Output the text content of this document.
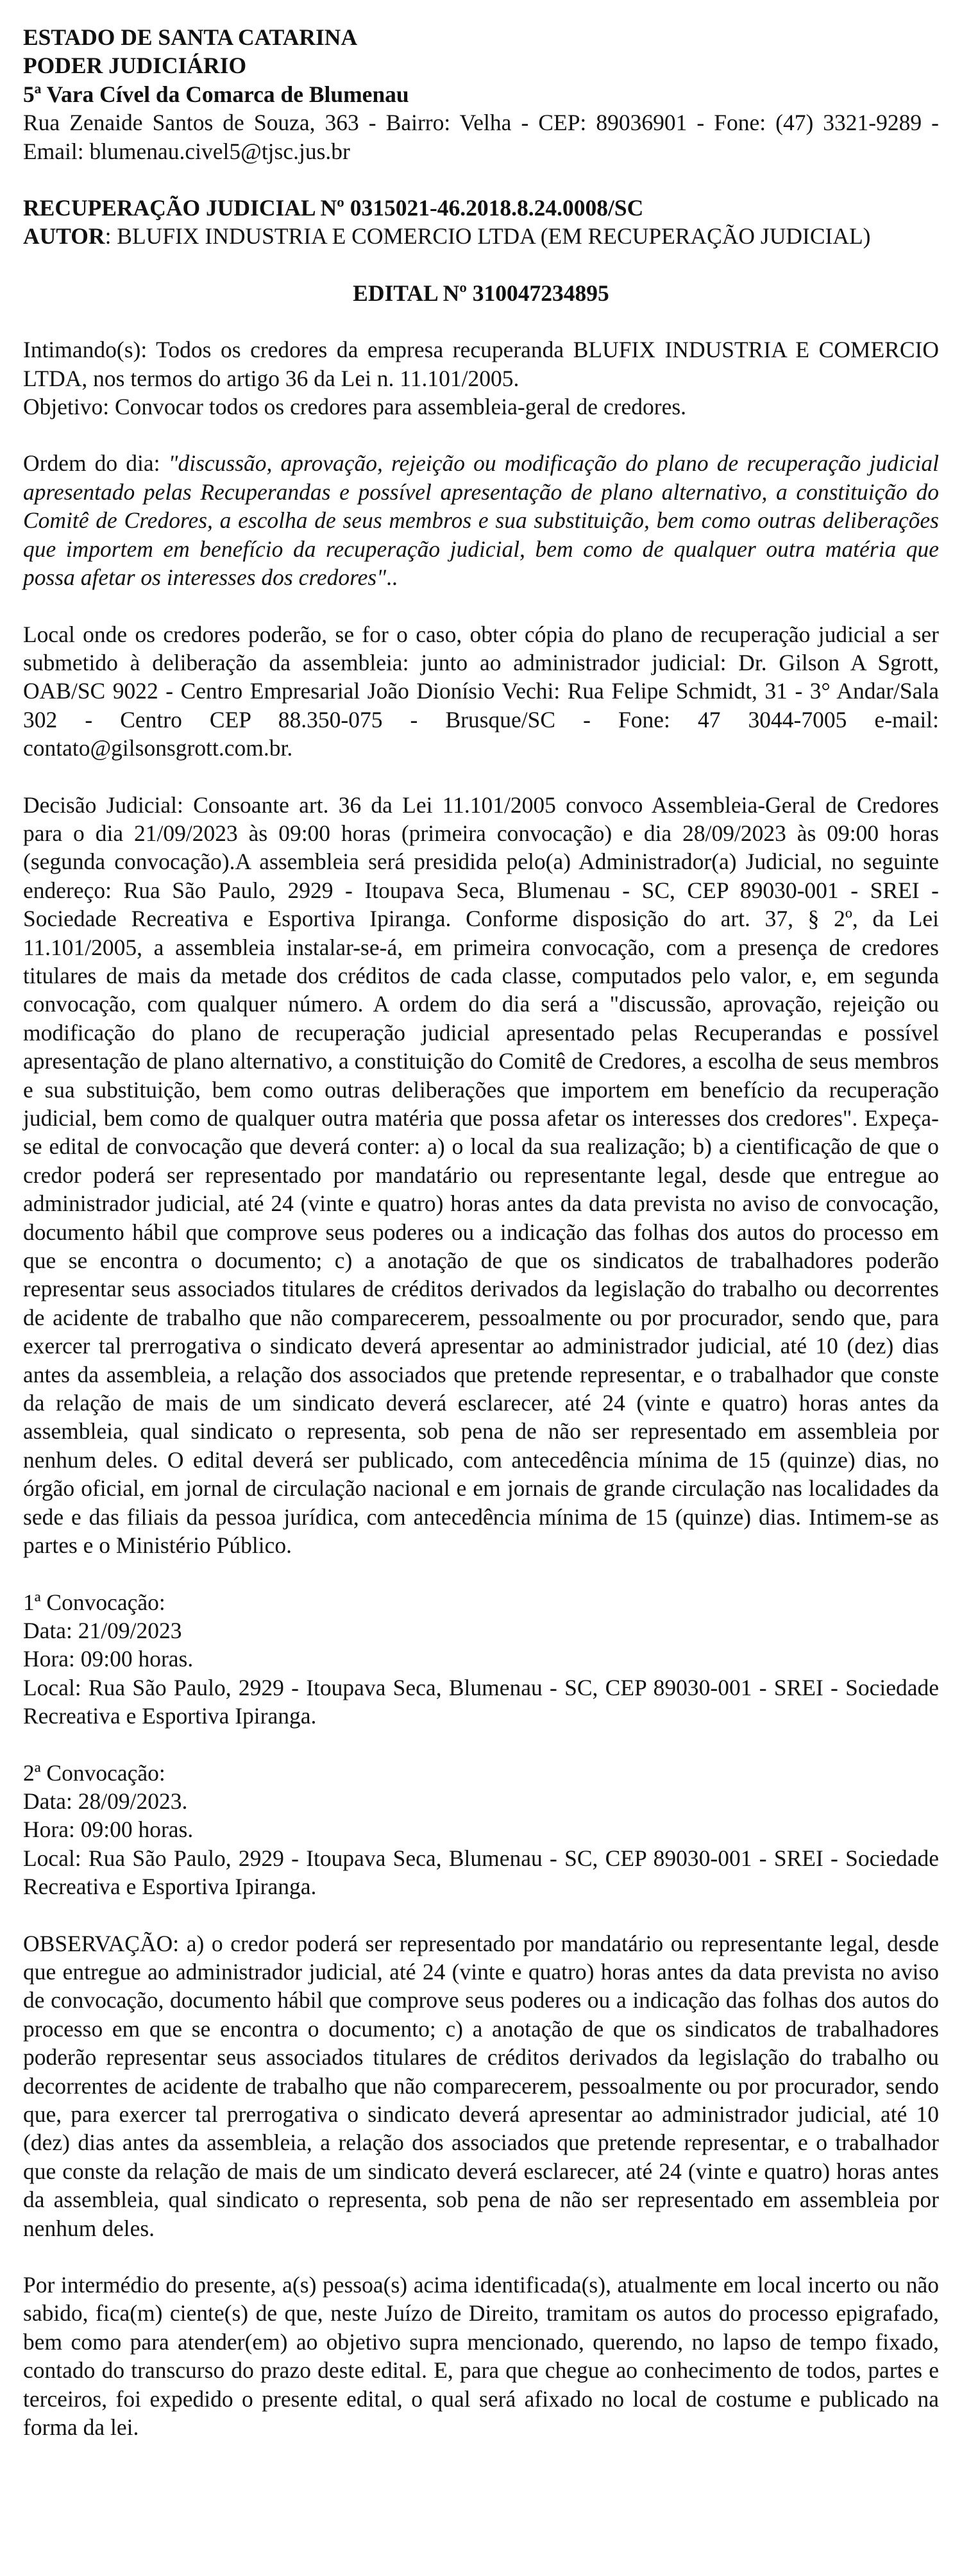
ESTADO DE SANTA CATARINA
PODER JUDICIÁRIO
5ª Vara Cível da Comarca de Blumenau

Rua Zenaide Santos de Souza, 363 - Bairro: Velha - CEP: 89036901 - Fone: (47) 3321-9289 - Email: blumenau.civel5@tjsc.jus.br

RECUPERAÇÃO JUDICIAL Nº 0315021-46.2018.8.24.0008/SC

AUTOR: BLUFIX INDUSTRIA E COMERCIO LTDA (EM RECUPERAÇÃO JUDICIAL)

EDITAL Nº 310047234895

Intimando(s): Todos os credores da empresa recuperanda BLUFIX INDUSTRIA E COMERCIO LTDA, nos termos do artigo 36 da Lei n. 11.101/2005.

Objetivo: Convocar todos os credores para assembleia-geral de credores.

Ordem do dia: "discussão, aprovação, rejeição ou modificação do plano de recuperação judicial apresentado pelas Recuperandas e possível apresentação de plano alternativo, a constituição do Comitê de Credores, a escolha de seus membros e sua substituição, bem como outras deliberações que importem em benefício da recuperação judicial, bem como de qualquer outra matéria que possa afetar os interesses dos credores"..

Local onde os credores poderão, se for o caso, obter cópia do plano de recuperação judicial a ser submetido à deliberação da assembleia: junto ao administrador judicial: Dr. Gilson A Sgrott, OAB/SC 9022 - Centro Empresarial João Dionísio Vechi: Rua Felipe Schmidt, 31 - 3° Andar/Sala 302 - Centro CEP 88.350-075 - Brusque/SC - Fone: 47 3044-7005 e-mail: contato@gilsonsgrott.com.br.

Decisão Judicial: Consoante art. 36 da Lei 11.101/2005 convoco Assembleia-Geral de Credores para o dia 21/09/2023 às 09:00 horas (primeira convocação) e dia 28/09/2023 às 09:00 horas (segunda convocação).A assembleia será presidida pelo(a) Administrador(a) Judicial, no seguinte endereço: Rua São Paulo, 2929 - Itoupava Seca, Blumenau - SC, CEP 89030-001 - SREI - Sociedade Recreativa e Esportiva Ipiranga. Conforme disposição do art. 37, § 2º, da Lei 11.101/2005, a assembleia instalar-se-á, em primeira convocação, com a presença de credores titulares de mais da metade dos créditos de cada classe, computados pelo valor, e, em segunda convocação, com qualquer número. A ordem do dia será a "discussão, aprovação, rejeição ou modificação do plano de recuperação judicial apresentado pelas Recuperandas e possível apresentação de plano alternativo, a constituição do Comitê de Credores, a escolha de seus membros e sua substituição, bem como outras deliberações que importem em benefício da recuperação judicial, bem como de qualquer outra matéria que possa afetar os interesses dos credores". Expeça-se edital de convocação que deverá conter: a) o local da sua realização; b) a cientificação de que o credor poderá ser representado por mandatário ou representante legal, desde que entregue ao administrador judicial, até 24 (vinte e quatro) horas antes da data prevista no aviso de convocação, documento hábil que comprove seus poderes ou a indicação das folhas dos autos do processo em que se encontra o documento; c) a anotação de que os sindicatos de trabalhadores poderão representar seus associados titulares de créditos derivados da legislação do trabalho ou decorrentes de acidente de trabalho que não comparecerem, pessoalmente ou por procurador, sendo que, para exercer tal prerrogativa o sindicato deverá apresentar ao administrador judicial, até 10 (dez) dias antes da assembleia, a relação dos associados que pretende representar, e o trabalhador que conste da relação de mais de um sindicato deverá esclarecer, até 24 (vinte e quatro) horas antes da assembleia, qual sindicato o representa, sob pena de não ser representado em assembleia por nenhum deles. O edital deverá ser publicado, com antecedência mínima de 15 (quinze) dias, no órgão oficial, em jornal de circulação nacional e em jornais de grande circulação nas localidades da sede e das filiais da pessoa jurídica, com antecedência mínima de 15 (quinze) dias. Intimem-se as partes e o Ministério Público.

1ª Convocação:
Data: 21/09/2023
Hora: 09:00 horas.

Local: Rua São Paulo, 2929 - Itoupava Seca, Blumenau - SC, CEP 89030-001 - SREI - Sociedade Recreativa e Esportiva Ipiranga.

2ª Convocação:
Data: 28/09/2023.
Hora: 09:00 horas.

Local: Rua São Paulo, 2929 - Itoupava Seca, Blumenau - SC, CEP 89030-001 - SREI - Sociedade Recreativa e Esportiva Ipiranga.

OBSERVAÇÃO: a) o credor poderá ser representado por mandatário ou representante legal, desde que entregue ao administrador judicial, até 24 (vinte e quatro) horas antes da data prevista no aviso de convocação, documento hábil que comprove seus poderes ou a indicação das folhas dos autos do processo em que se encontra o documento; c) a anotação de que os sindicatos de trabalhadores poderão representar seus associados titulares de créditos derivados da legislação do trabalho ou decorrentes de acidente de trabalho que não comparecerem, pessoalmente ou por procurador, sendo que, para exercer tal prerrogativa o sindicato deverá apresentar ao administrador judicial, até 10 (dez) dias antes da assembleia, a relação dos associados que pretende representar, e o trabalhador que conste da relação de mais de um sindicato deverá esclarecer, até 24 (vinte e quatro) horas antes da assembleia, qual sindicato o representa, sob pena de não ser representado em assembleia por nenhum deles.

Por intermédio do presente, a(s) pessoa(s) acima identificada(s), atualmente em local incerto ou não sabido, fica(m) ciente(s) de que, neste Juízo de Direito, tramitam os autos do processo epigrafado, bem como para atender(em) ao objetivo supra mencionado, querendo, no lapso de tempo fixado, contado do transcurso do prazo deste edital. E, para que chegue ao conhecimento de todos, partes e terceiros, foi expedido o presente edital, o qual será afixado no local de costume e publicado na forma da lei.
